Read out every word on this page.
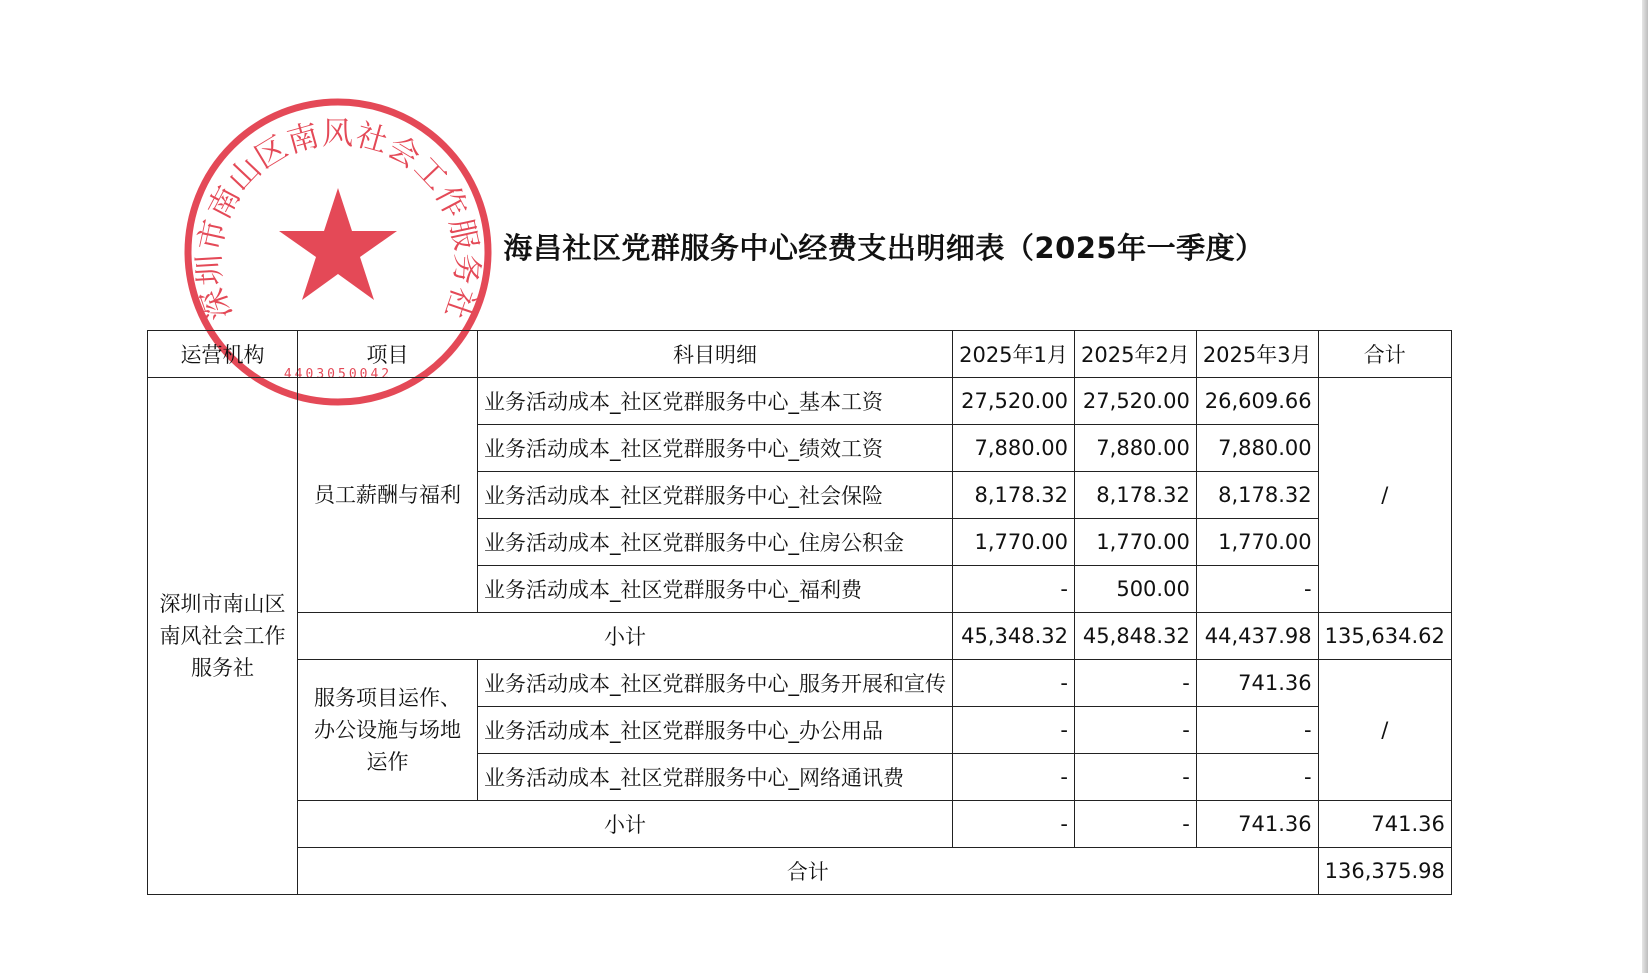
深圳市南山区南风社会工作服务社
4403050042
海昌社区党群服务中心经费支出明细表（2025年一季度）
运营机构	项目	科目明细	2025年1月	2025年2月	2025年3月	合计
深圳市南山区南风社会工作服务社	员工薪酬与福利	业务活动成本_社区党群服务中心_基本工资	27,520.00	27,520.00	26,609.66	/
		业务活动成本_社区党群服务中心_绩效工资	7,880.00	7,880.00	7,880.00	
		业务活动成本_社区党群服务中心_社会保险	8,178.32	8,178.32	8,178.32	
		业务活动成本_社区党群服务中心_住房公积金	1,770.00	1,770.00	1,770.00	
		业务活动成本_社区党群服务中心_福利费	-	500.00	-	
	小计		45,348.32	45,848.32	44,437.98	135,634.62
	服务项目运作、办公设施与场地运作	业务活动成本_社区党群服务中心_服务开展和宣传	-	-	741.36	/
		业务活动成本_社区党群服务中心_办公用品	-	-	-	
		业务活动成本_社区党群服务中心_网络通讯费	-	-	-	
	小计		-	-	741.36	741.36
	合计					136,375.98
